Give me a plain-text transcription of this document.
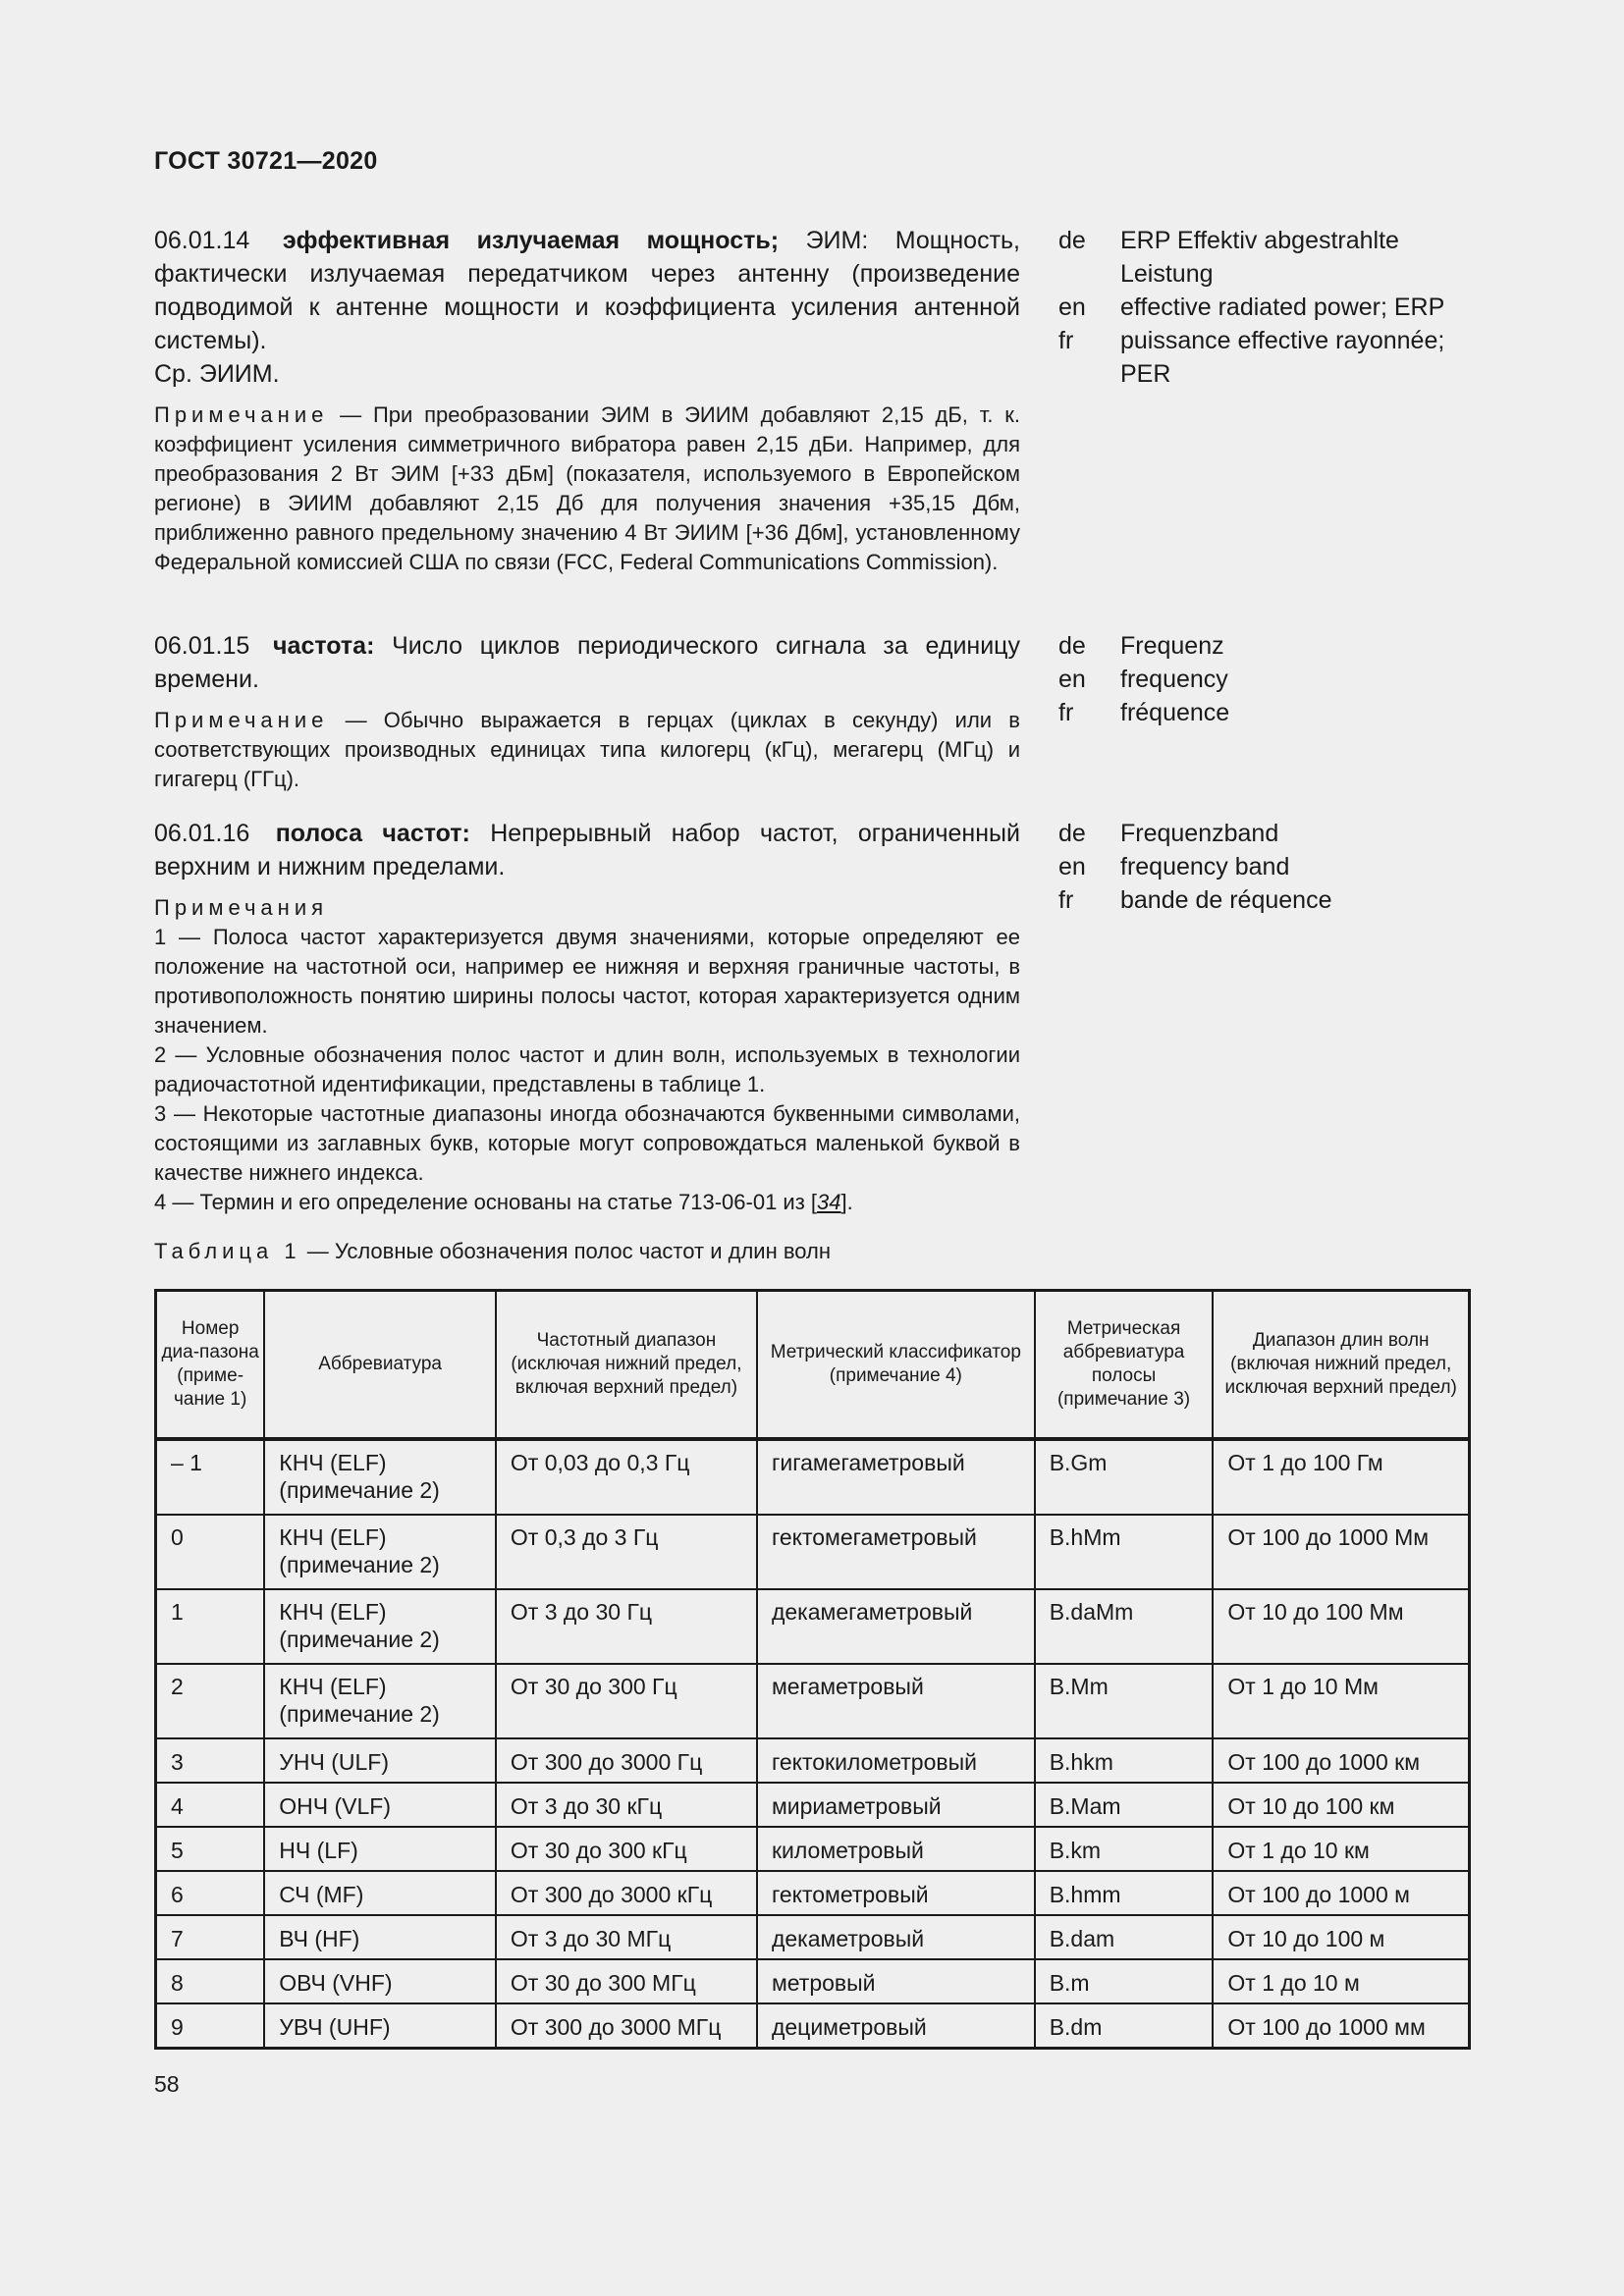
ГОСТ 30721—2020
06.01.14 эффективная излучаемая мощность; ЭИМ: Мощность, фактически излучаемая передатчиком через антенну (произведение подводимой к антенне мощности и коэффициента усиления антенной системы).
Ср. ЭИИМ.
Примечание — При преобразовании ЭИМ в ЭИИМ добавляют 2,15 дБ, т. к. коэффициент усиления симметричного вибратора равен 2,15 дБи. Например, для преобразования 2 Вт ЭИМ [+33 дБм] (показателя, используемого в Европейском регионе) в ЭИИМ добавляют 2,15 Дб для получения значения +35,15 Дбм, приближенно равного предельному значению 4 Вт ЭИИМ [+36 Дбм], установленному Федеральной комиссией США по связи (FCC, Federal Communications Commission).
de	ERP Effektiv abgestrahlte Leistung
en	effective radiated power; ERP
fr	puissance effective rayonnée; PER
06.01.15 частота: Число циклов периодического сигнала за единицу времени.
Примечание — Обычно выражается в герцах (циклах в секунду) или в соответствующих производных единицах типа килогерц (кГц), мегагерц (МГц) и гигагерц (ГГц).
de	Frequenz
en	frequency
fr	fréquence
06.01.16 полоса частот: Непрерывный набор частот, ограниченный верхним и нижним пределами.
Примечания
1 — Полоса частот характеризуется двумя значениями, которые определяют ее положение на частотной оси, например ее нижняя и верхняя граничные частоты, в противоположность понятию ширины полосы частот, которая характеризуется одним значением.
2 — Условные обозначения полос частот и длин волн, используемых в технологии радиочастотной идентификации, представлены в таблице 1.
3 — Некоторые частотные диапазоны иногда обозначаются буквенными символами, состоящими из заглавных букв, которые могут сопровождаться маленькой буквой в качестве нижнего индекса.
4 — Термин и его определение основаны на статье 713-06-01 из [34].
de	Frequenzband
en	frequency band
fr	bande de réquence
Таблица 1 — Условные обозначения полос частот и длин волн
Номер диа-пазона (приме-чание 1)	Аббревиатура	Частотный диапазон (исключая нижний предел, включая верхний предел)	Метрический классификатор (примечание 4)	Метрическая аббревиатура полосы (примечание 3)	Диапазон длин волн (включая нижний предел, исключая верхний предел)
– 1	КНЧ (ELF) (примечание 2)	От 0,03 до 0,3 Гц	гигамегаметровый	B.Gm	От 1 до 100 Гм
0	КНЧ (ELF) (примечание 2)	От 0,3 до 3 Гц	гектомегаметровый	B.hMm	От 100 до 1000 Мм
1	КНЧ (ELF) (примечание 2)	От 3 до 30 Гц	декамегаметровый	B.daMm	От 10 до 100 Мм
2	КНЧ (ELF) (примечание 2)	От 30 до 300 Гц	мегаметровый	B.Mm	От 1 до 10 Мм
3	УНЧ (ULF)	От 300 до 3000 Гц	гектокилометровый	B.hkm	От 100 до 1000 км
4	ОНЧ (VLF)	От 3 до 30 кГц	мириаметровый	B.Mam	От 10 до 100 км
5	НЧ (LF)	От 30 до 300 кГц	километровый	B.km	От 1 до 10 км
6	СЧ (MF)	От 300 до 3000 кГц	гектометровый	B.hmm	От 100 до 1000 м
7	ВЧ (HF)	От 3 до 30 МГц	декаметровый	B.dam	От 10 до 100 м
8	ОВЧ (VHF)	От 30 до 300 МГц	метровый	B.m	От 1 до 10 м
9	УВЧ (UHF)	От 300 до 3000 МГц	дециметровый	B.dm	От 100 до 1000 мм
58
